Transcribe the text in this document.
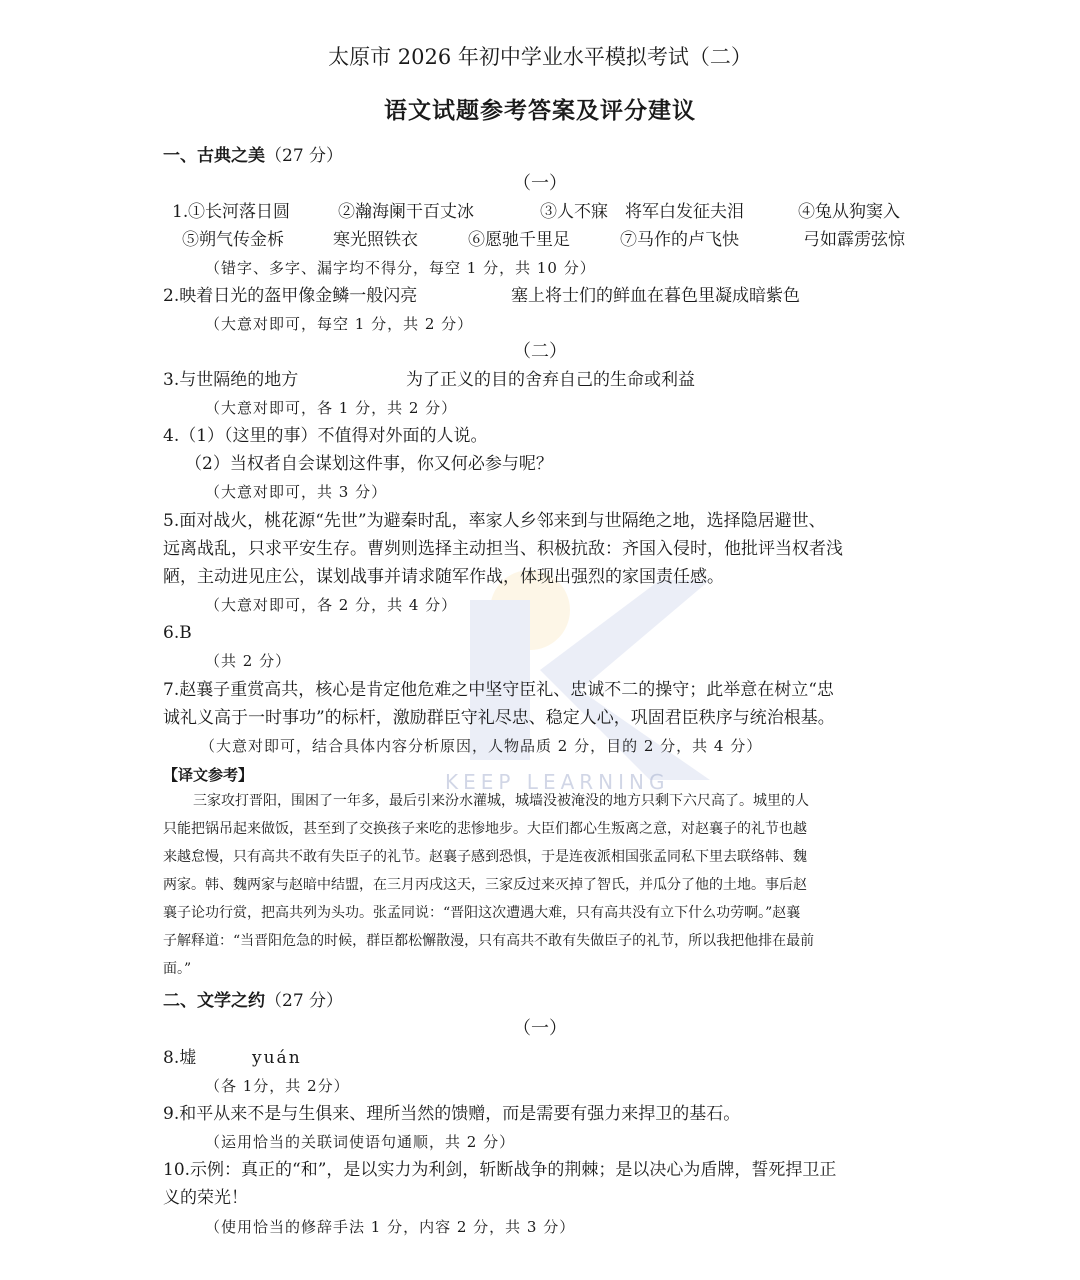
KEEP LEARNING
太原市 2026 年初中学业水平模拟考试（二）
语文试题参考答案及评分建议
一、古典之美（27 分）
（一）
1. ①长河落日圆	②瀚海阑干百丈冰	③人不寐　将军白发征夫泪	④兔从狗窦入
⑤朔气传金柝	寒光照铁衣	⑥愿驰千里足	⑦马作的卢飞快	弓如霹雳弦惊
（错字、多字、漏字均不得分，每空 1 分，共 10 分）
2.映着日光的盔甲像金鳞一般闪亮	塞上将士们的鲜血在暮色里凝成暗紫色
（大意对即可，每空 1 分，共 2 分）
（二）
3.与世隔绝的地方	为了正义的目的舍弃自己的生命或利益
（大意对即可，各 1 分，共 2 分）
4.（1）（这里的事）不值得对外面的人说。
（2）当权者自会谋划这件事，你又何必参与呢？
（大意对即可，共 3 分）
5.面对战火，桃花源“先世”为避秦时乱，率家人乡邻来到与世隔绝之地，选择隐居避世、
远离战乱，只求平安生存。曹刿则选择主动担当、积极抗敌：齐国入侵时，他批评当权者浅
陋，主动进见庄公，谋划战事并请求随军作战，体现出强烈的家国责任感。
（大意对即可，各 2 分，共 4 分）
6.B
（共 2 分）
7.赵襄子重赏高共，核心是肯定他危难之中坚守臣礼、忠诚不二的操守；此举意在树立“忠
诚礼义高于一时事功”的标杆，激励群臣守礼尽忠、稳定人心，巩固君臣秩序与统治根基。
（大意对即可，结合具体内容分析原因，人物品质 2 分，目的 2 分，共 4 分）
【译文参考】
三家攻打晋阳，围困了一年多，最后引来汾水灌城，城墙没被淹没的地方只剩下六尺高了。城里的人
只能把锅吊起来做饭，甚至到了交换孩子来吃的悲惨地步。大臣们都心生叛离之意，对赵襄子的礼节也越
来越怠慢，只有高共不敢有失臣子的礼节。赵襄子感到恐惧，于是连夜派相国张孟同私下里去联络韩、魏
两家。韩、魏两家与赵暗中结盟，在三月丙戌这天，三家反过来灭掉了智氏，并瓜分了他的土地。事后赵
襄子论功行赏，把高共列为头功。张孟同说：“晋阳这次遭遇大难，只有高共没有立下什么功劳啊。”赵襄
子解释道：“当晋阳危急的时候，群臣都松懈散漫，只有高共不敢有失做臣子的礼节，所以我把他排在最前
面。”
二、文学之约（27 分）
（一）
8.墟	yuán
（各 1分，共 2分）
9.和平从来不是与生俱来、理所当然的馈赠，而是需要有强力来捍卫的基石。
（运用恰当的关联词使语句通顺，共 2 分）
10.示例：真正的“和”，是以实力为利剑，斩断战争的荆棘；是以决心为盾牌，誓死捍卫正
义的荣光！
（使用恰当的修辞手法 1 分，内容 2 分，共 3 分）
